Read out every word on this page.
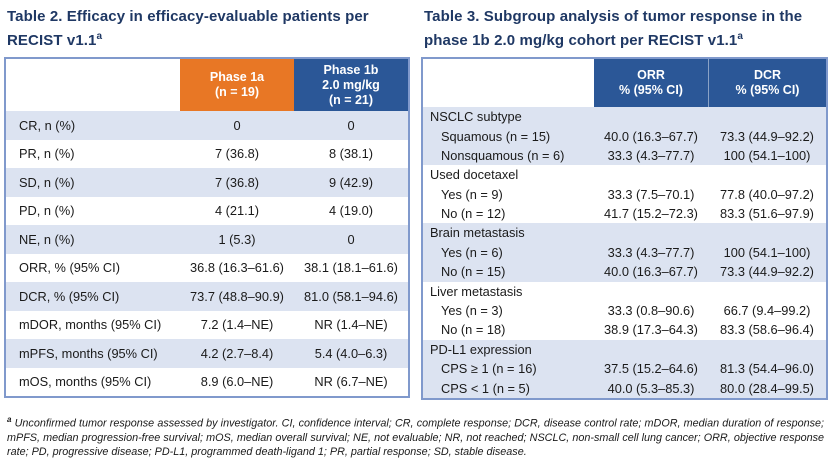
Table 2. Efficacy in efficacy-evaluable patients per RECIST v1.1$^a$
Phase 1a
(n = 19)
Phase 1b
2.0 mg/kg
(n = 21)
CR, n (%)	0	0
PR, n (%)	7 (36.8)	8 (38.1)
SD, n (%)	7 (36.8)	9 (42.9)
PD, n (%)	4 (21.1)	4 (19.0)
NE, n (%)	1 (5.3)	0
ORR, % (95% CI)	36.8 (16.3–61.6)	38.1 (18.1–61.6)
DCR, % (95% CI)	73.7 (48.8–90.9)	81.0 (58.1–94.6)
mDOR, months (95% CI)	7.2 (1.4–NE)	NR (1.4–NE)
mPFS, months (95% CI)	4.2 (2.7–8.4)	5.4 (4.0–6.3)
mOS, months (95% CI)	8.9 (6.0–NE)	NR (6.7–NE)
Table 3. Subgroup analysis of tumor response in the phase 1b 2.0 mg/kg cohort per RECIST v1.1$^a$
ORR
% (95% CI)
DCR
% (95% CI)
NSCLC subtype
Squamous (n = 15)	40.0 (16.3–67.7)	73.3 (44.9–92.2)
Nonsquamous (n = 6)	33.3 (4.3–77.7)	100 (54.1–100)
Used docetaxel
Yes (n = 9)	33.3 (7.5–70.1)	77.8 (40.0–97.2)
No (n = 12)	41.7 (15.2–72.3)	83.3 (51.6–97.9)
Brain metastasis
Yes (n = 6)	33.3 (4.3–77.7)	100 (54.1–100)
No (n = 15)	40.0 (16.3–67.7)	73.3 (44.9–92.2)
Liver metastasis
Yes (n = 3)	33.3 (0.8–90.6)	66.7 (9.4–99.2)
No (n = 18)	38.9 (17.3–64.3)	83.3 (58.6–96.4)
PD-L1 expression
CPS ≥ 1 (n = 16)	37.5 (15.2–64.6)	81.3 (54.4–96.0)
CPS < 1 (n = 5)	40.0 (5.3–85.3)	80.0 (28.4–99.5)

$^a$ Unconfirmed tumor response assessed by investigator. CI, confidence interval; CR, complete response; DCR, disease control rate; mDOR, median duration of response; mPFS, median progression-free survival; mOS, median overall survival; NE, not evaluable; NR, not reached; NSCLC, non-small cell lung cancer; ORR, objective response rate; PD, progressive disease; PD-L1, programmed death-ligand 1; PR, partial response; SD, stable disease.
